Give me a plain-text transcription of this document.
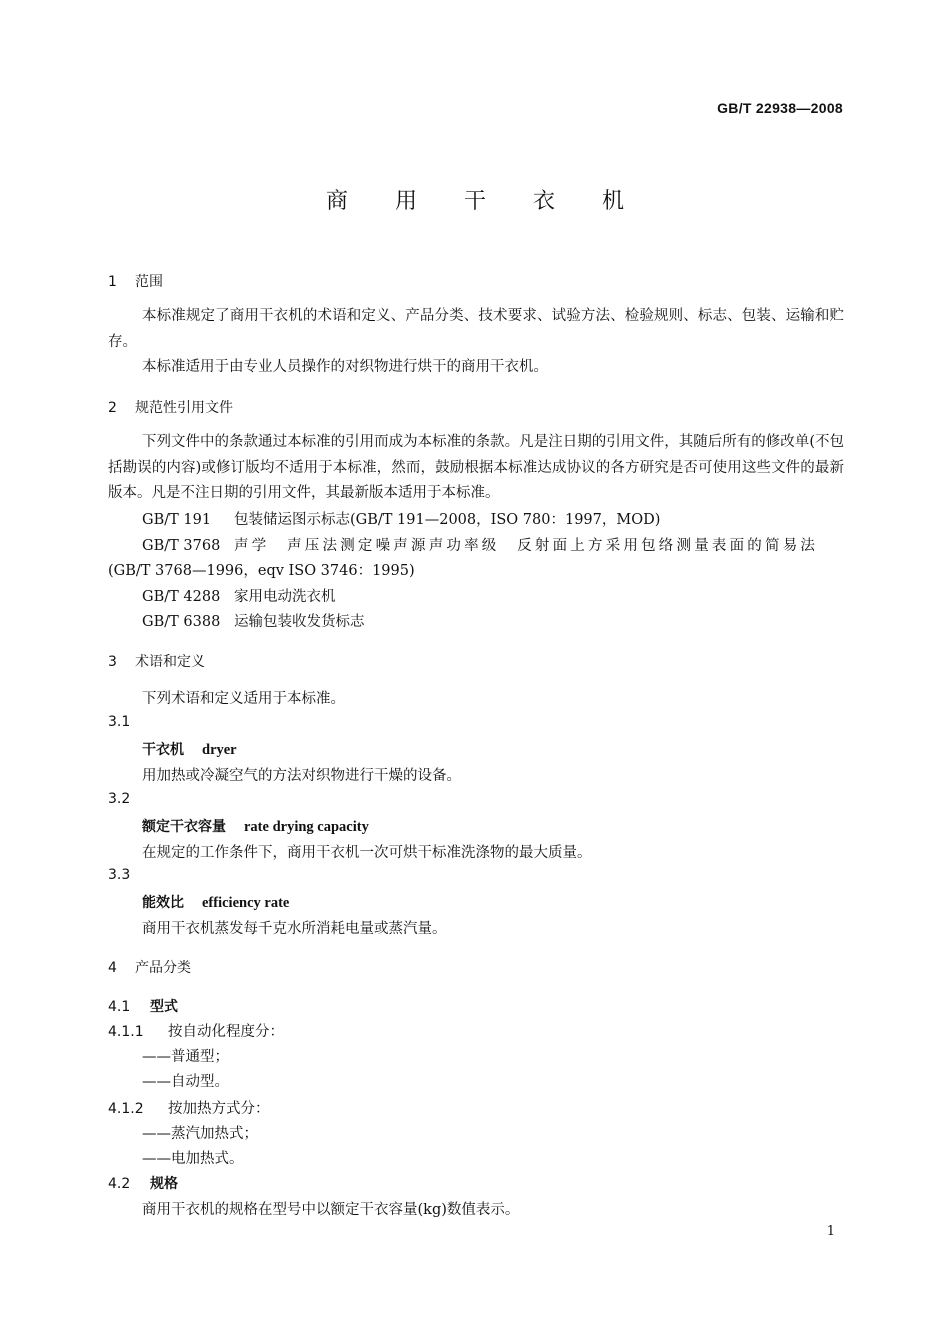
GB/T 22938—2008
商 用 干 衣 机
1 范围
本标准规定了商用干衣机的术语和定义、产品分类、技术要求、试验方法、检验规则、标志、包装、运输和贮存。
本标准适用于由专业人员操作的对织物进行烘干的商用干衣机。
2 规范性引用文件
下列文件中的条款通过本标准的引用而成为本标准的条款。凡是注日期的引用文件，其随后所有的修改单(不包括勘误的内容)或修订版均不适用于本标准，然而，鼓励根据本标准达成协议的各方研究是否可使用这些文件的最新版本。凡是不注日期的引用文件，其最新版本适用于本标准。
GB/T 191 包装储运图示标志(GB/T 191—2008，ISO 780：1997，MOD)
GB/T 3768 声学　声压法测定噪声源声功率级　反射面上方采用包络测量表面的简易法
(GB/T 3768—1996，eqv ISO 3746：1995)
GB/T 4288 家用电动洗衣机
GB/T 6388 运输包装收发货标志
3 术语和定义
下列术语和定义适用于本标准。
3.1
干衣机 dryer
用加热或冷凝空气的方法对织物进行干燥的设备。
3.2
额定干衣容量 rate drying capacity
在规定的工作条件下，商用干衣机一次可烘干标准洗涤物的最大质量。
3.3
能效比 efficiency rate
商用干衣机蒸发每千克水所消耗电量或蒸汽量。
4 产品分类
4.1 型式
4.1.1 按自动化程度分：
——普通型；
——自动型。
4.1.2 按加热方式分：
——蒸汽加热式；
——电加热式。
4.2 规格
商用干衣机的规格在型号中以额定干衣容量(kg)数值表示。
1
